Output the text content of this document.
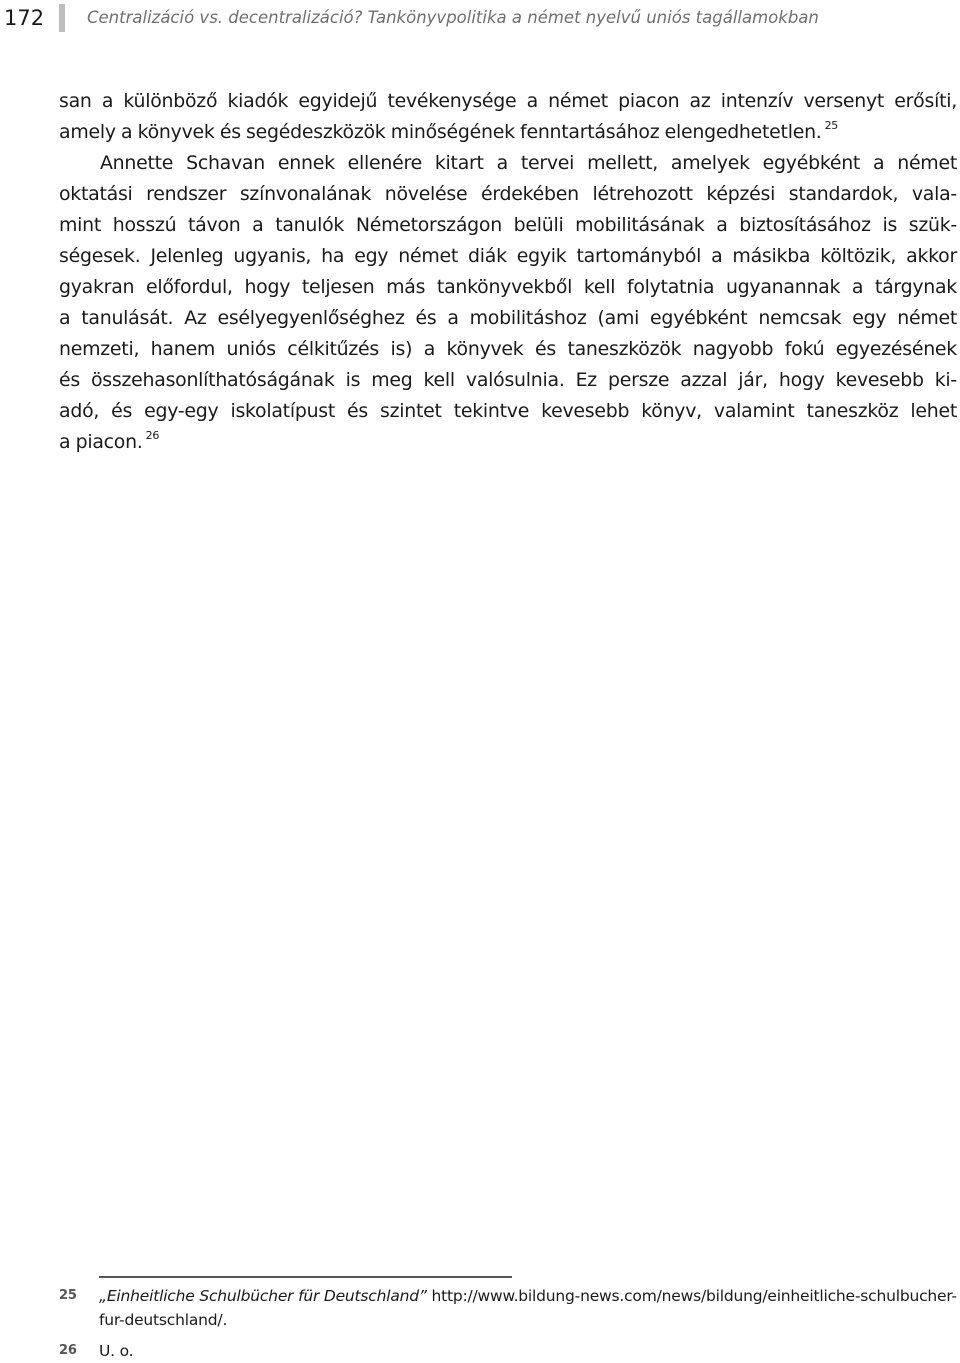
172	Centralizáció vs. decentralizáció? Tankönyvpolitika a német nyelvű uniós tagállamokban

san a különböző kiadók egyidejű tevékenysége a német piacon az intenzív versenyt erősíti,
amely a könyvek és segédeszközök minőségének fenntartásához elengedhetetlen. $^{25}$

Annette Schavan ennek ellenére kitart a tervei mellett, amelyek egyébként a német
oktatási rendszer színvonalának növelése érdekében létrehozott képzési standardok, vala-
mint hosszú távon a tanulók Németországon belüli mobilitásának a biztosításához is szük-
ségesek. Jelenleg ugyanis, ha egy német diák egyik tartományból a másikba költözik, akkor
gyakran előfordul, hogy teljesen más tankönyvekből kell folytatnia ugyanannak a tárgynak
a tanulását. Az esélyegyenlőséghez és a mobilitáshoz (ami egyébként nemcsak egy német
nemzeti, hanem uniós célkitűzés is) a könyvek és taneszközök nagyobb fokú egyezésének
és összehasonlíthatóságának is meg kell valósulnia. Ez persze azzal jár, hogy kevesebb ki-
adó, és egy-egy iskolatípust és szintet tekintve kevesebb könyv, valamint taneszköz lehet
a piacon. $^{26}$

25 „Einheitliche Schulbücher für Deutschland” http://www.bildung-news.com/news/bildung/einheitliche-schulbucher-
fur-deutschland/.
26 U. o.
